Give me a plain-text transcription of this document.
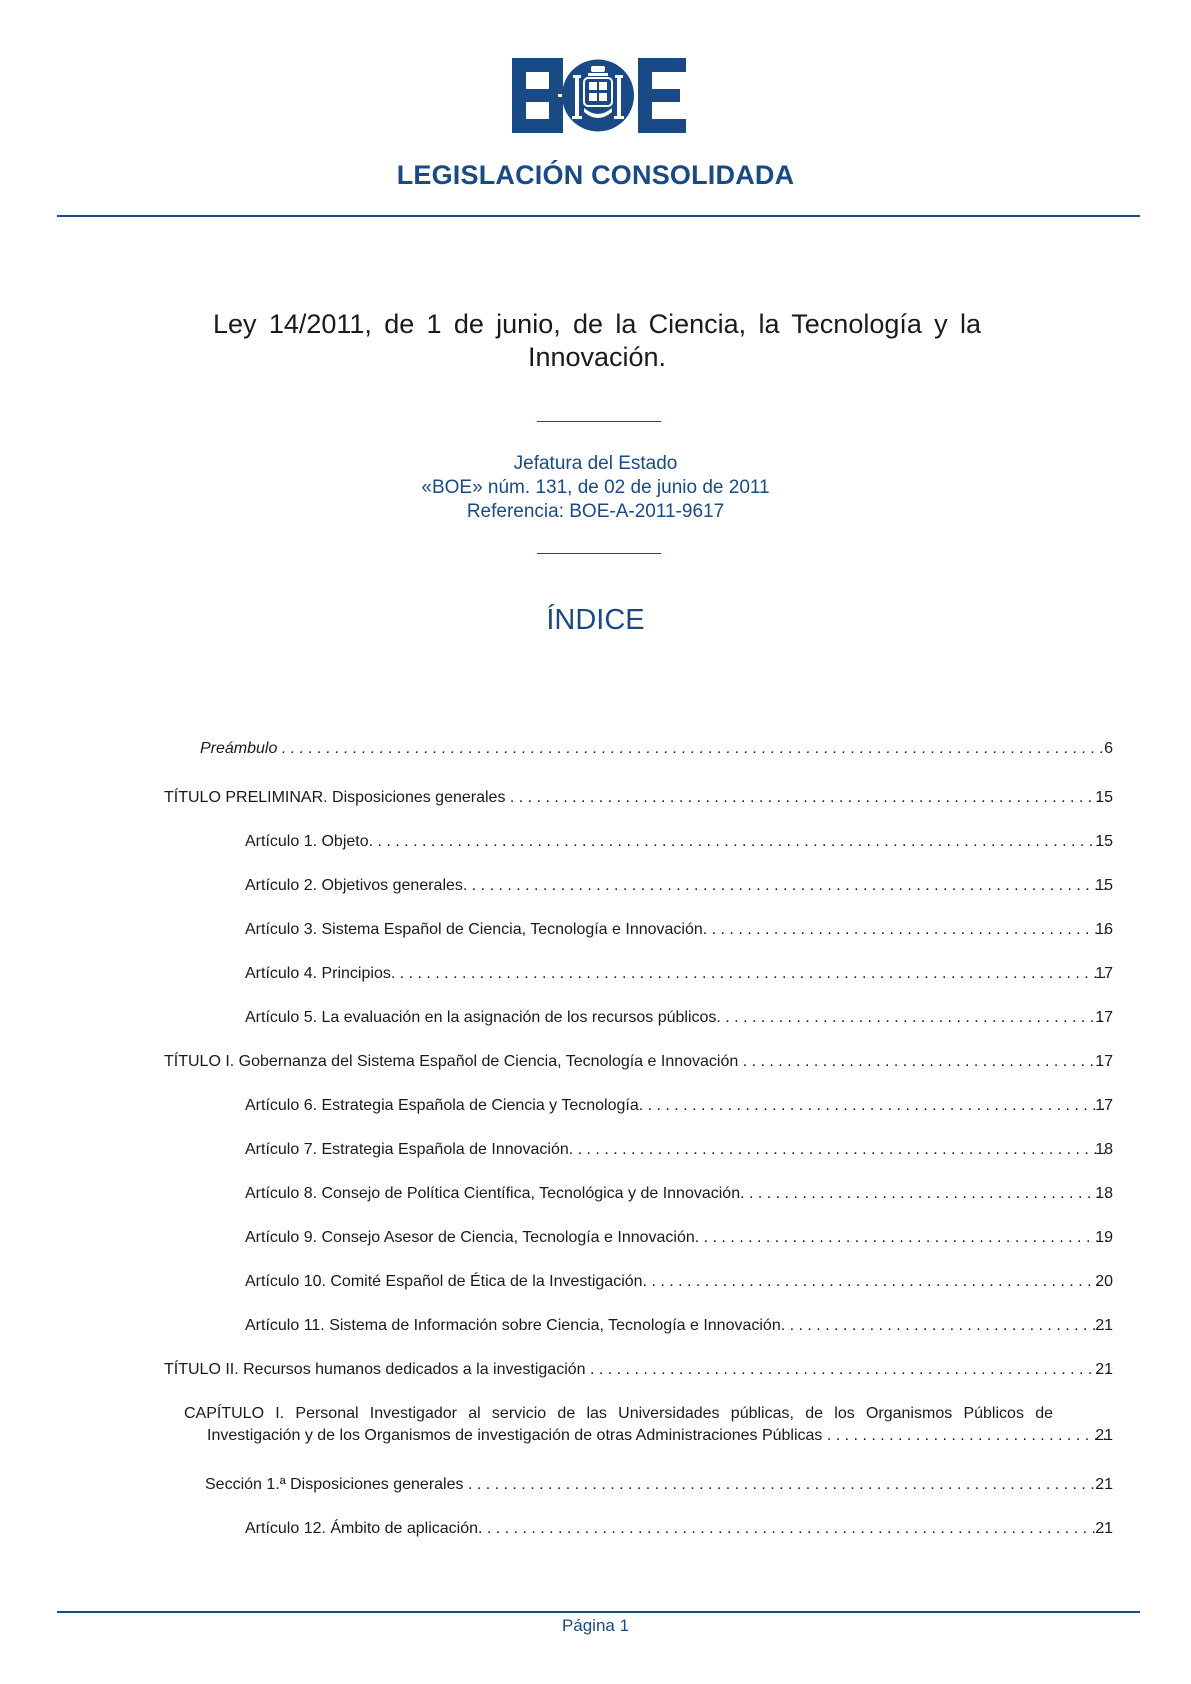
LEGISLACIÓN CONSOLIDADA
Ley 14/2011, de 1 de junio, de la Ciencia, la Tecnología y la Innovación.
Jefatura del Estado
«BOE» núm. 131, de 02 de junio de 2011
Referencia: BOE-A-2011-9617
ÍNDICE
Preámbulo . . .	6
TÍTULO PRELIMINAR. Disposiciones generales . . .	15
Artículo 1. Objeto. . . .	15
Artículo 2. Objetivos generales. . . .	15
Artículo 3. Sistema Español de Ciencia, Tecnología e Innovación. . . .	16
Artículo 4. Principios. . . .	17
Artículo 5. La evaluación en la asignación de los recursos públicos. . . .	17
TÍTULO I. Gobernanza del Sistema Español de Ciencia, Tecnología e Innovación . . .	17
Artículo 6. Estrategia Española de Ciencia y Tecnología. . . .	17
Artículo 7. Estrategia Española de Innovación. . . .	18
Artículo 8. Consejo de Política Científica, Tecnológica y de Innovación. . . .	18
Artículo 9. Consejo Asesor de Ciencia, Tecnología e Innovación. . . .	19
Artículo 10. Comité Español de Ética de la Investigación. . . .	20
Artículo 11. Sistema de Información sobre Ciencia, Tecnología e Innovación. . . .	21
TÍTULO II. Recursos humanos dedicados a la investigación . . .	21
CAPÍTULO I. Personal Investigador al servicio de las Universidades públicas, de los Organismos Públicos de
Investigación y de los Organismos de investigación de otras Administraciones Públicas . . .	21
Sección 1.ª Disposiciones generales . . .	21
Artículo 12. Ámbito de aplicación. . . .	21
Página 1
